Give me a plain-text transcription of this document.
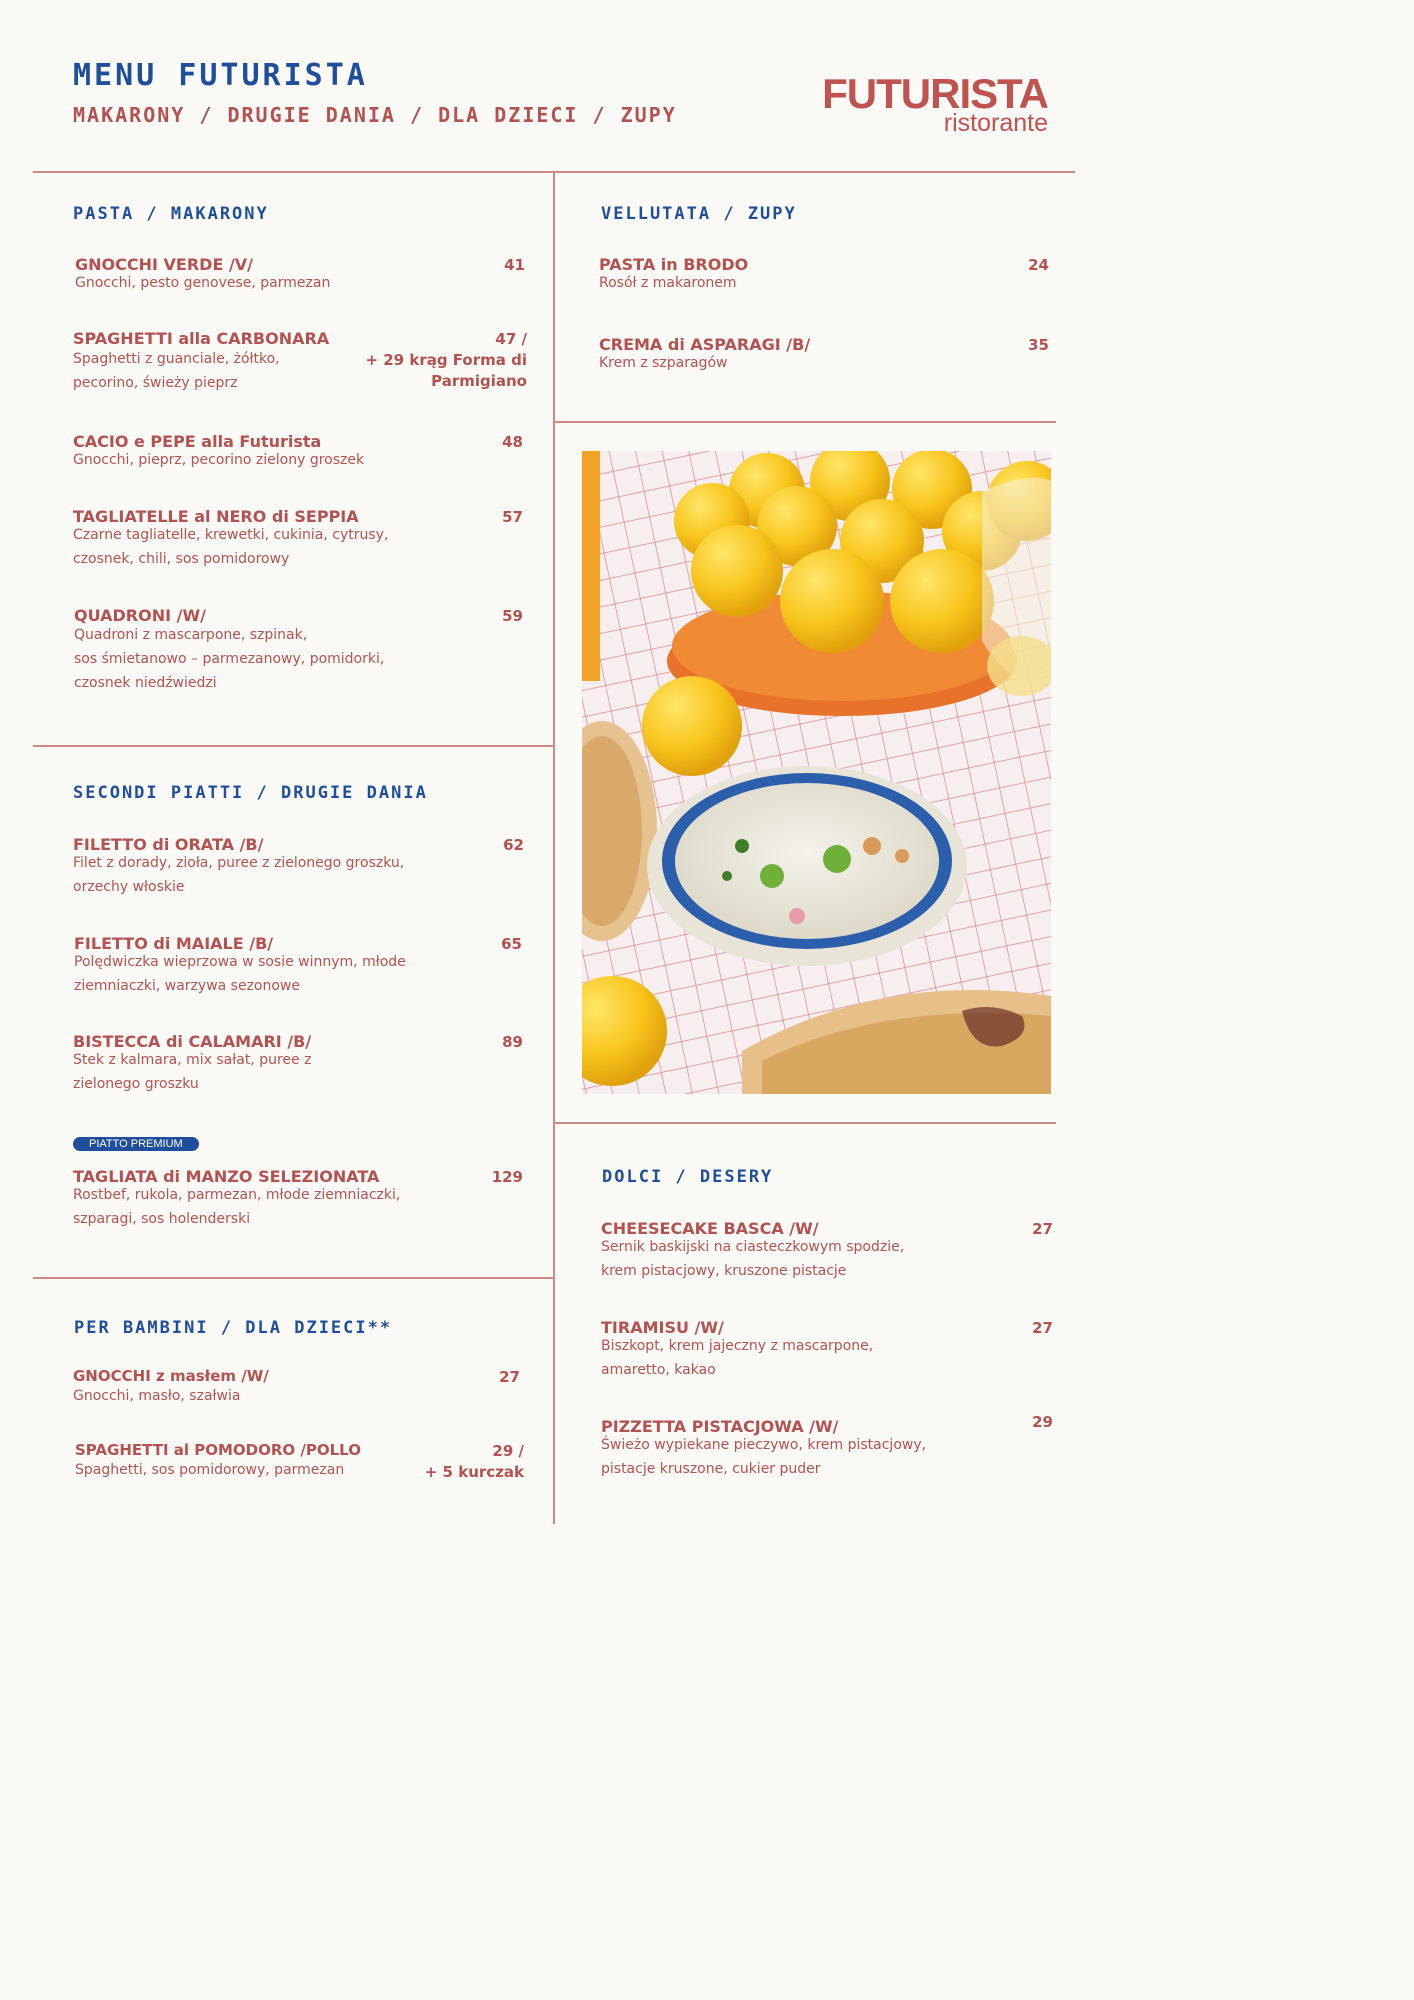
MENU FUTURISTA
MAKARONY / DRUGIE DANIA / DLA DZIECI / ZUPY	FUTURISTA
ristorante
PASTA / MAKARONY
GNOCCHI VERDE /V/
Gnocchi, pesto genovese, parmezan
41
SPAGHETTI alla CARBONARA
Spaghetti z guanciale, żółtko,
pecorino, świeży pieprz
47 /
+ 29 krąg Forma di
Parmigiano
CACIO e PEPE alla Futurista
Gnocchi, pieprz, pecorino zielony groszek
48
TAGLIATELLE al NERO di SEPPIA
Czarne tagliatelle, krewetki, cukinia, cytrusy,
czosnek, chili, sos pomidorowy
57
QUADRONI /W/
Quadroni z mascarpone, szpinak,
sos śmietanowo – parmezanowy, pomidorki,
czosnek niedźwiedzi
59
SECONDI PIATTI / DRUGIE DANIA
FILETTO di ORATA /B/
Filet z dorady, zioła, puree z zielonego groszku,
orzechy włoskie
62
FILETTO di MAIALE /B/
Polędwiczka wieprzowa w sosie winnym, młode
ziemniaczki, warzywa sezonowe
65
BISTECCA di CALAMARI /B/
Stek z kalmara, mix sałat, puree z
zielonego groszku
89
PIATTO PREMIUM
TAGLIATA di MANZO SELEZIONATA
Rostbef, rukola, parmezan, młode ziemniaczki,
szparagi, sos holenderski
129
PER BAMBINI / DLA DZIECI**
GNOCCHI z masłem /W/
Gnocchi, masło, szałwia
27
SPAGHETTI al POMODORO /POLLO
Spaghetti, sos pomidorowy, parmezan
29 /
+ 5 kurczak
VELLUTATA / ZUPY
PASTA in BRODO
Rosół z makaronem
24
CREMA di ASPARAGI /B/
Krem z szparagów
35
DOLCI / DESERY
CHEESECAKE BASCA /W/
Sernik baskijski na ciasteczkowym spodzie,
krem pistacjowy, kruszone pistacje
27
TIRAMISU /W/
Biszkopt, krem jajeczny z mascarpone,
amaretto, kakao
27
PIZZETTA PISTACJOWA /W/
Świeżo wypiekane pieczywo, krem pistacjowy,
pistacje kruszone, cukier puder
29
